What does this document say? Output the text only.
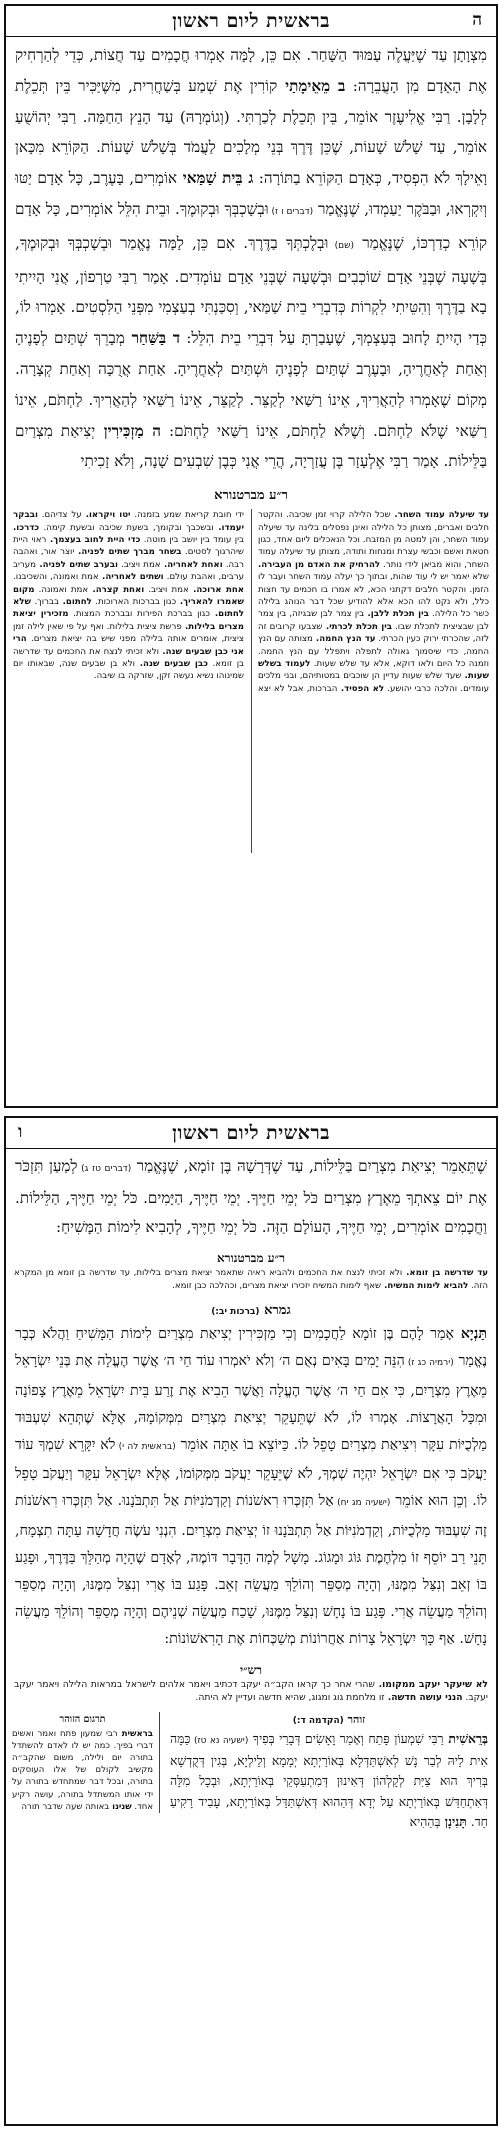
בראשית ליום ראשון	ה

מִצְוָתָן עַד שֶׁיַּעֲלֶה עַמּוּד הַשָּׁחַר. אִם כֵּן, לָמָּה אָמְרוּ חֲכָמִים עַד חֲצוֹת, כְּדֵי לְהַרְחִיק אֶת הָאָדָם מִן הָעֲבֵרָה: ב מֵאֵימָתַי קוֹרִין אֶת שְׁמַע בְּשַׁחֲרִית, מִשֶּׁיַּכִּיר בֵּין תְּכֵלֶת לְלָבָן. רַבִּי אֱלִיעֶזֶר אוֹמֵר, בֵּין תְּכֵלֶת לְכַרְתִּי. (וְגוֹמְרָהּ) עַד הָנֵץ הַחַמָּה. רַבִּי יְהוֹשֻׁעַ אוֹמֵר, עַד שָׁלֹשׁ שָׁעוֹת, שֶׁכֵּן דֶּרֶךְ בְּנֵי מְלָכִים לַעֲמֹד בְּשָׁלֹשׁ שָׁעוֹת. הַקּוֹרֵא מִכָּאן וָאֵילָךְ לֹא הִפְסִיד, כְּאָדָם הַקּוֹרֵא בַתּוֹרָה: ג בֵּית שַׁמַּאי אוֹמְרִים, בָּעֶרֶב, כָּל אָדָם יַטּוּ וְיִקְרְאוּ, וּבַבֹּקֶר יַעַמְדוּ, שֶׁנֶּאֱמַר (דברים ו ז) וּבְשָׁכְבְּךָ וּבְקוּמֶךָ. וּבֵית הִלֵּל אוֹמְרִים, כָּל אָדָם קוֹרֵא כְדַרְכּוֹ, שֶׁנֶּאֱמַר (שם) וּבְלֶכְתְּךָ בַדֶּרֶךְ. אִם כֵּן, לָמָּה נֶאֱמַר וּבְשָׁכְבְּךָ וּבְקוּמֶךָ, בְּשָׁעָה שֶׁבְּנֵי אָדָם שׁוֹכְבִים וּבְשָׁעָה שֶׁבְּנֵי אָדָם עוֹמְדִים. אָמַר רַבִּי טַרְפוֹן, אֲנִי הָיִיתִי בָא בַדֶּרֶךְ וְהִטֵּיתִי לִקְרוֹת כְּדִבְרֵי בֵית שַׁמַּאי, וְסִכַּנְתִּי בְעַצְמִי מִפְּנֵי הַלִּסְטִים. אָמְרוּ לוֹ, כְּדַי הָיִיתָ לָחוּב בְּעַצְמְךָ, שֶׁעָבַרְתָּ עַל דִּבְרֵי בֵית הִלֵּל: ד בַּשַּׁחַר מְבָרֵךְ שְׁתַּיִם לְפָנֶיהָ וְאַחַת לְאַחֲרֶיהָ, וּבָעֶרֶב שְׁתַּיִם לְפָנֶיהָ וּשְׁתַּיִם לְאַחֲרֶיהָ. אַחַת אֲרֻכָּה וְאַחַת קְצָרָה. מְקוֹם שֶׁאָמְרוּ לְהַאֲרִיךְ, אֵינוֹ רַשַּׁאי לְקַצֵּר. לְקַצֵּר, אֵינוֹ רַשַּׁאי לְהַאֲרִיךְ. לַחְתֹּם, אֵינוֹ רַשַּׁאי שֶׁלֹּא לַחְתֹּם. וְשֶׁלֹּא לַחְתֹּם, אֵינוֹ רַשַּׁאי לַחְתֹּם: ה מַזְכִּירִין יְצִיאַת מִצְרַיִם בַּלֵּילוֹת. אָמַר רַבִּי אֶלְעָזָר בֶּן עֲזַרְיָה, הֲרֵי אֲנִי כְּבֶן שִׁבְעִים שָׁנָה, וְלֹא זָכִיתִי

ר״ע מברטנורא

עד שיעלה עמוד השחר. שכל הלילה קרוי זמן שכיבה. והקטר חלבים ואברים, מצותן כל הלילה ואינן נפסלים בלינה עד שיעלה עמוד השחר, והן למטה מן המזבח. וכל הנאכלים ליום אחד, כגון חטאת ואשם וכבשי עצרת ומנחות ותודה, מצותן עד שיעלה עמוד השחר, והוא מביאן לידי נותר. להרחיק את האדם מן העבירה. שלא יאמר יש לי עוד שהות, ובתוך כך יעלה עמוד השחר ועבר לו הזמן. והקטר חלבים דקתני הכא, לא אמרו בו חכמים עד חצות כלל, ולא נקט להו הכא אלא להודיע שכל דבר הנוהג בלילה כשר כל הלילה. בין תכלת ללבן. בין צמר לבן שבגיזה, בין צמר לבן שבציצית לתכלת שבו. בין תכלת לכרתי. שצבעו קרובים זה לזה, שהכרתי ירוק כעין הכרתי. עד הנץ החמה. מצותה עם הנץ החמה, כדי שיסמוך גאולה לתפלה ויתפלל עם הנץ החמה. וזמנה כל היום ולאו דוקא, אלא עד שלש שעות. לעמוד בשלש שעות. שעד שלש שעות עדיין הן שוכבים במטותיהם, ובני מלכים עומדים. והלכה כרבי יהושע. לא הפסיד. הברכות, אבל לא יצא ידי חובת קריאת שמע בזמנה. יטו ויקראו. על צדיהם. ובבקר יעמדו. ובשכבך ובקומך, בשעת שכיבה ובשעת קימה. כדרכו. בין עומד בין יושב בין מוטה. כדי היית לחוב בעצמך. ראוי היית שיהרגוך לסטים. בשחר מברך שתים לפניה. יוצר אור, ואהבה רבה. ואחת לאחריה. אמת ויציב. ובערב שתים לפניה. מעריב ערבים, ואהבת עולם. ושתים לאחריה. אמת ואמונה, והשכיבנו. אחת ארוכה. אמת ויציב. ואחת קצרה. אמת ואמונה. מקום שאמרו להאריך. כגון בברכות הארוכות. לחתום. בברוך. שלא לחתום. כגון בברכת הפירות ובברכת המצות. מזכירין יציאת מצרים בלילות. פרשת ציצית בלילות. ואף על פי שאין לילה זמן ציצית, אומרים אותה בלילה מפני שיש בה יציאת מצרים. הרי אני כבן שבעים שנה. ולא זכיתי לנצח את החכמים עד שדרשה בן זומא. כבן שבעים שנה. ולא בן שבעים שנה, שבאותו יום שמינוהו נשיא נעשה זקן, שזרקה בו שיבה.

בראשית ליום ראשון
ו

שֶׁתֵּאָמֵר יְצִיאַת מִצְרַיִם בַּלֵּילוֹת, עַד שֶׁדְּרָשָׁהּ בֶּן זוֹמָא, שֶׁנֶּאֱמַר (דברים טז ג) לְמַעַן תִּזְכֹּר אֶת יוֹם צֵאתְךָ מֵאֶרֶץ מִצְרַיִם כֹּל יְמֵי חַיֶּיךָ. יְמֵי חַיֶּיךָ, הַיָּמִים. כֹּל יְמֵי חַיֶּיךָ, הַלֵּילוֹת. וַחֲכָמִים אוֹמְרִים, יְמֵי חַיֶּיךָ, הָעוֹלָם הַזֶּה. כֹּל יְמֵי חַיֶּיךָ, לְהָבִיא לִימוֹת הַמָּשִׁיחַ:

ר״ע מברטנורא

עד שדרשה בן זומא. ולא זכיתי לנצח את החכמים ולהביא ראיה שתאמר יציאת מצרים בלילות, עד שדרשה בן זומא מן המקרא הזה. להביא לימות המשיח. שאף לימות המשיח יזכירו יציאת מצרים, וכהלכה כבן זומא.

גמרא (ברכות יב:)

תַּנְיָא אָמַר לָהֶם בֶּן זוֹמָא לַחֲכָמִים וְכִי מַזְכִּירִין יְצִיאַת מִצְרַיִם לִימוֹת הַמָּשִׁיחַ וַהֲלֹא כְּבָר נֶאֱמַר (ירמיה כג ז) הִנֵּה יָמִים בָּאִים נְאֻם ה׳ וְלֹא יֹאמְרוּ עוֹד חַי ה׳ אֲשֶׁר הֶעֱלָה אֶת בְּנֵי יִשְׂרָאֵל מֵאֶרֶץ מִצְרָיִם, כִּי אִם חַי ה׳ אֲשֶׁר הֶעֱלָה וַאֲשֶׁר הֵבִיא אֶת זֶרַע בֵּית יִשְׂרָאֵל מֵאֶרֶץ צָפוֹנָה וּמִכָּל הָאֲרָצוֹת. אָמְרוּ לוֹ, לֹא שֶׁתֵּעָקֵר יְצִיאַת מִצְרַיִם מִמְּקוֹמָהּ, אֶלָּא שֶׁתְּהֵא שִׁעְבּוּד מַלְכֻיּוֹת עִקָּר וִיצִיאַת מִצְרַיִם טָפֵל לוֹ. כַּיּוֹצֵא בוֹ אַתָּה אוֹמֵר (בראשית לה י) לֹא יִקָּרֵא שִׁמְךָ עוֹד יַעֲקֹב כִּי אִם יִשְׂרָאֵל יִהְיֶה שְׁמֶךָ, לֹא שֶׁיֵּעָקֵר יַעֲקֹב מִמְּקוֹמוֹ, אֶלָּא יִשְׂרָאֵל עִקָּר וְיַעֲקֹב טָפֵל לוֹ. וְכֵן הוּא אוֹמֵר (ישעיה מג יח) אַל תִּזְכְּרוּ רִאשֹׁנוֹת וְקַדְמֹנִיּוֹת אַל תִּתְבֹּנָנוּ. אַל תִּזְכְּרוּ רִאשֹׁנוֹת זֶה שִׁעְבּוּד מַלְכֻיּוֹת, וְקַדְמֹנִיּוֹת אַל תִּתְבֹּנָנוּ זוֹ יְצִיאַת מִצְרַיִם. הִנְנִי עֹשֶׂה חֲדָשָׁה עַתָּה תִצְמָח, תָּנֵי רַב יוֹסֵף זוֹ מִלְחֶמֶת גּוֹג וּמָגוֹג. מָשָׁל לְמָה הַדָּבָר דּוֹמֶה, לְאָדָם שֶׁהָיָה מְהַלֵּךְ בַּדֶּרֶךְ, וּפָגַע בּוֹ זְאֵב וְנִצַּל מִמֶּנּוּ, וְהָיָה מְסַפֵּר וְהוֹלֵךְ מַעֲשֵׂה זְאֵב. פָּגַע בּוֹ אֲרִי וְנִצַּל מִמֶּנּוּ, וְהָיָה מְסַפֵּר וְהוֹלֵךְ מַעֲשֵׂה אֲרִי. פָּגַע בּוֹ נָחָשׁ וְנִצַּל מִמֶּנּוּ, שָׁכַח מַעֲשֵׂה שְׁנֵיהֶם וְהָיָה מְסַפֵּר וְהוֹלֵךְ מַעֲשֵׂה נָחָשׁ. אַף כָּךְ יִשְׂרָאֵל צָרוֹת אַחֲרוֹנוֹת מְשַׁכְּחוֹת אֶת הָרִאשׁוֹנוֹת:

רש״י

לא שיעקר יעקב ממקומו. שהרי אחר כך קראו הקב״ה יעקב דכתיב ויאמר אלהים לישראל במראות הלילה ויאמר יעקב יעקב. הנני עושה חדשה. זו מלחמת גוג ומגוג, שהיא חדשה ועדיין לא היתה.

זוהר (הקדמה ד:)

בְּרֵאשִׁית רַבִּי שִׁמְעוֹן פָּתַח וְאָמַר וָאָשִׂים דְּבָרַי בְּפִיךָ (ישעיה נא טז) כַּמָּה אִית לֵיהּ לְבַר נָשׁ לְאִשְׁתַּדְּלָא בְּאוֹרַיְתָא יְמָמָא וְלֵילְיָא, בְּגִין דְּקֻדְשָׁא בְּרִיךְ הוּא צַיִּת לְקָלְהוֹן דְּאִינוּן דְּמִתְעַסְּקֵי בְּאוֹרַיְתָא, וּבְכָל מִלָּה דְּאִתְחַדַּשׁ בְּאוֹרַיְתָא עַל יְדָא דְּהַהוּא דְּאִשְׁתַּדַּל בְּאוֹרַיְתָא, עָבִיד רָקִיעַ חַד. תָּנִינָן בְּהַהִיא

תרגום הזוהר

בראשית רבי שמעון פתח ואמר ואשים דברי בפיך. כמה יש לו לאדם להשתדל בתורה יום ולילה, משום שהקב״ה מקשיב לקולם של אלו העוסקים בתורה, ובכל דבר שמתחדש בתורה על ידי אותו המשתדל בתורה, עושה רקיע אחד. שנינו באותה שעה שדבר תורה
